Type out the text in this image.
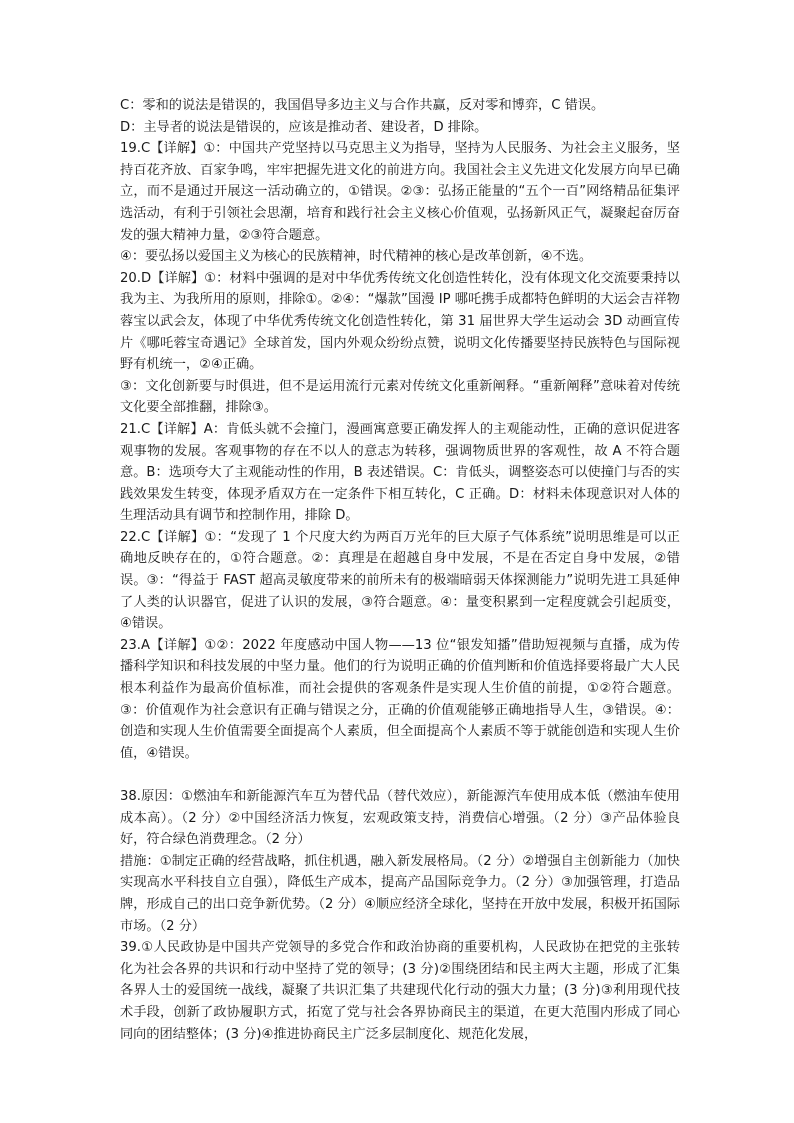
C：零和的说法是错误的，我国倡导多边主义与合作共赢，反对零和博弈，C 错误。

D：主导者的说法是错误的，应该是推动者、建设者，D 排除。

19.C【详解】①：中国共产党坚持以马克思主义为指导，坚持为人民服务、为社会主义服务，坚持百花齐放、百家争鸣，牢牢把握先进文化的前进方向。我国社会主义先进文化发展方向早已确立，而不是通过开展这一活动确立的，①错误。②③：弘扬正能量的“五个一百”网络精品征集评选活动，有利于引领社会思潮，培育和践行社会主义核心价值观，弘扬新风正气，凝聚起奋厉奋发的强大精神力量，②③符合题意。

④：要弘扬以爱国主义为核心的民族精神，时代精神的核心是改革创新，④不选。

20.D【详解】①：材料中强调的是对中华优秀传统文化创造性转化，没有体现文化交流要秉持以我为主、为我所用的原则，排除①。②④：“爆款”国漫 IP 哪吒携手成都特色鲜明的大运会吉祥物蓉宝以武会友，体现了中华优秀传统文化创造性转化，第 31 届世界大学生运动会 3D 动画宣传片《哪吒蓉宝奇遇记》全球首发，国内外观众纷纷点赞，说明文化传播要坚持民族特色与国际视野有机统一，②④正确。

③：文化创新要与时俱进，但不是运用流行元素对传统文化重新阐释。“重新阐释”意味着对传统文化要全部推翻，排除③。

21.C【详解】A：肯低头就不会撞门，漫画寓意要正确发挥人的主观能动性，正确的意识促进客观事物的发展。客观事物的存在不以人的意志为转移，强调物质世界的客观性，故 A 不符合题意。B：选项夸大了主观能动性的作用，B 表述错误。C：肯低头，调整姿态可以使撞门与否的实践效果发生转变，体现矛盾双方在一定条件下相互转化，C 正确。D：材料未体现意识对人体的生理活动具有调节和控制作用，排除 D。

22.C【详解】①：“发现了 1 个尺度大约为两百万光年的巨大原子气体系统”说明思维是可以正确地反映存在的，①符合题意。②：真理是在超越自身中发展，不是在否定自身中发展，②错误。③：“得益于 FAST 超高灵敏度带来的前所未有的极端暗弱天体探测能力”说明先进工具延伸了人类的认识器官，促进了认识的发展，③符合题意。④：量变积累到一定程度就会引起质变，④错误。

23.A【详解】①②：2022 年度感动中国人物——13 位“银发知播”借助短视频与直播，成为传播科学知识和科技发展的中坚力量。他们的行为说明正确的价值判断和价值选择要将最广大人民根本利益作为最高价值标准，而社会提供的客观条件是实现人生价值的前提，①②符合题意。③：价值观作为社会意识有正确与错误之分，正确的价值观能够正确地指导人生，③错误。④：创造和实现人生价值需要全面提高个人素质，但全面提高个人素质不等于就能创造和实现人生价值，④错误。

38.原因：①燃油车和新能源汽车互为替代品（替代效应），新能源汽车使用成本低（燃油车使用成本高）。（2 分）②中国经济活力恢复，宏观政策支持，消费信心增强。（2 分）③产品体验良好，符合绿色消费理念。（2 分）

措施：①制定正确的经营战略，抓住机遇，融入新发展格局。（2 分）②增强自主创新能力（加快实现高水平科技自立自强），降低生产成本，提高产品国际竞争力。（2 分）③加强管理，打造品牌，形成自己的出口竞争新优势。（2 分）④顺应经济全球化，坚持在开放中发展，积极开拓国际市场。（2 分）

39.①人民政协是中国共产党领导的多党合作和政治协商的重要机构，人民政协在把党的主张转化为社会各界的共识和行动中坚持了党的领导；(3 分)②围绕团结和民主两大主题，形成了汇集各界人士的爱国统一战线，凝聚了共识汇集了共建现代化行动的强大力量；(3 分)③利用现代技术手段，创新了政协履职方式，拓宽了党与社会各界协商民主的渠道，在更大范围内形成了同心同向的团结整体；(3 分)④推进协商民主广泛多层制度化、规范化发展，
